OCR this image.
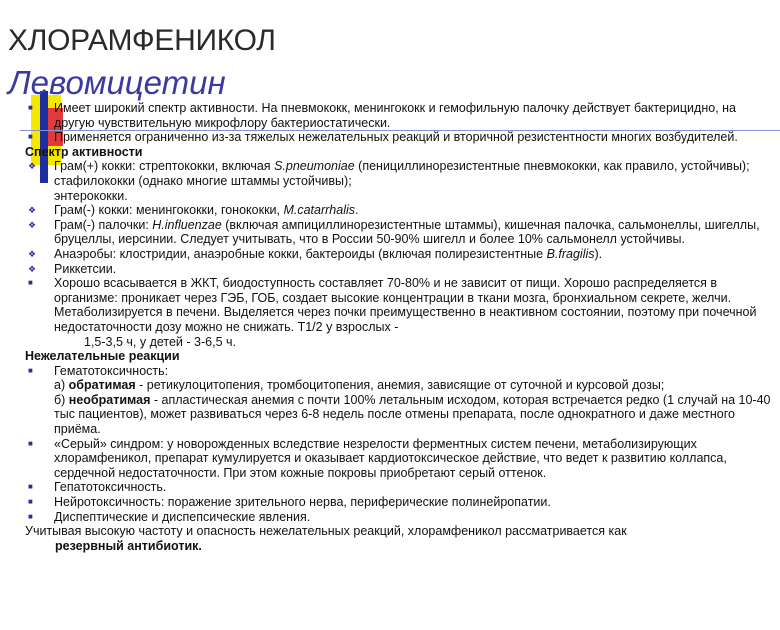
ХЛОРАМФЕНИКОЛ
Левомицетин
■ Имеет широкий спектр активности. На пневмококк, менингококк и гемофильную палочку действует бактерицидно, на другую чувствительную микрофлору бактериостатически.
■ Применяется ограниченно из-за тяжелых нежелательных реакций и вторичной резистентности многих возбудителей.
Спектр активности
❖ Грам(+) кокки: стрептококки, включая S.pneumoniae (пенициллинорезистентные пневмококки, как правило, устойчивы);
стафилококки (однако многие штаммы устойчивы);
энтерококки.
❖ Грам(-) кокки: менингококки, гонококки, M.catarrhalis.
❖ Грам(-) палочки: H.influenzae (включая ампициллинорезистентные штаммы), кишечная палочка, сальмонеллы, шигеллы, бруцеллы, иерсинии. Следует учитывать, что в России 50-90% шигелл и более 10% сальмонелл устойчивы.
❖ Анаэробы: клостридии, анаэробные кокки, бактероиды (включая полирезистентные B.fragilis).
❖ Риккетсии.
■ Хорошо всасывается в ЖКТ, биодоступность составляет 70-80% и не зависит от пищи. Хорошо распределяется в организме: проникает через ГЭБ, ГОБ, создает высокие концентрации в ткани мозга, бронхиальном секрете, желчи. Метаболизируется в печени. Выделяется через почки преимущественно в неактивном состоянии, поэтому при почечной недостаточности дозу можно не снижать. Т1/2 у взрослых -
1,5-3,5 ч, у детей - 3-6,5 ч.
Нежелательные реакции
■ Гематотоксичность:
а) обратимая - ретикулоцитопения, тромбоцитопения, анемия, зависящие от суточной и курсовой дозы;
б) необратимая - апластическая анемия с почти 100% летальным исходом, которая встречается редко (1 случай на 10-40 тыс пациентов), может развиваться через 6-8 недель после отмены препарата, после однократного и даже местного приёма.
■ «Серый» синдром: у новорожденных вследствие незрелости ферментных систем печени, метаболизирующих хлорамфеникол, препарат кумулируется и оказывает кардиотоксическое действие, что ведет к развитию коллапса, сердечной недостаточности. При этом кожные покровы приобретают серый оттенок.
■ Гепатотоксичность.
■ Нейротоксичность: поражение зрительного нерва, периферические полинейропатии.
■ Диспептические и диспепсические явления.
Учитывая высокую частоту и опасность нежелательных реакций, хлорамфеникол рассматривается как
резервный антибиотик.
